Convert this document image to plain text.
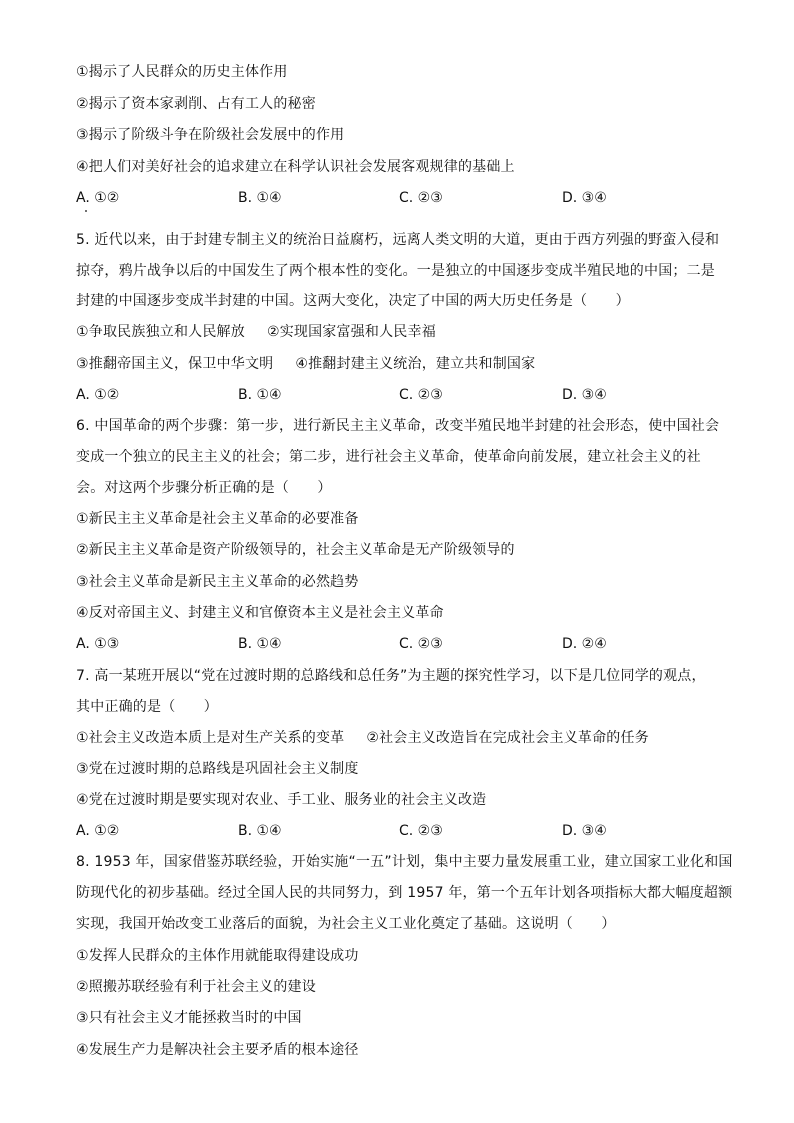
①揭示了人民群众的历史主体作用
②揭示了资本家剥削、占有工人的秘密
③揭示了阶级斗争在阶级社会发展中的作用
④把人们对美好社会的追求建立在科学认识社会发展客观规律的基础上
A. ①②	B. ①④	C. ②③	D. ③④
5. 近代以来，由于封建专制主义的统治日益腐朽，远离人类文明的大道，更由于西方列强的野蛮入侵和
掠夺，鸦片战争以后的中国发生了两个根本性的变化。一是独立的中国逐步变成半殖民地的中国；二是
封建的中国逐步变成半封建的中国。这两大变化，决定了中国的两大历史任务是（　　）
①争取民族独立和人民解放 ②实现国家富强和人民幸福
③推翻帝国主义，保卫中华文明 ④推翻封建主义统治，建立共和制国家
A. ①②	B. ①④	C. ②③	D. ③④
6. 中国革命的两个步骤：第一步，进行新民主主义革命，改变半殖民地半封建的社会形态，使中国社会
变成一个独立的民主主义的社会；第二步，进行社会主义革命，使革命向前发展，建立社会主义的社
会。对这两个步骤分析正确的是（　　）
①新民主主义革命是社会主义革命的必要准备
②新民主主义革命是资产阶级领导的，社会主义革命是无产阶级领导的
③社会主义革命是新民主主义革命的必然趋势
④反对帝国主义、封建主义和官僚资本主义是社会主义革命
A. ①③	B. ①④	C. ②③	D. ②④
7. 高一某班开展以“党在过渡时期的总路线和总任务”为主题的探究性学习，以下是几位同学的观点，
其中正确的是（　　）
①社会主义改造本质上是对生产关系的变革 ②社会主义改造旨在完成社会主义革命的任务
③党在过渡时期的总路线是巩固社会主义制度
④党在过渡时期是要实现对农业、手工业、服务业的社会主义改造
A. ①②	B. ①④	C. ②③	D. ③④
8. 1953 年，国家借鉴苏联经验，开始实施“一五”计划，集中主要力量发展重工业，建立国家工业化和国
防现代化的初步基础。经过全国人民的共同努力，到 1957 年，第一个五年计划各项指标大都大幅度超额
实现，我国开始改变工业落后的面貌，为社会主义工业化奠定了基础。这说明（　　）
①发挥人民群众的主体作用就能取得建设成功
②照搬苏联经验有利于社会主义的建设
③只有社会主义才能拯救当时的中国
④发展生产力是解决社会主要矛盾的根本途径
